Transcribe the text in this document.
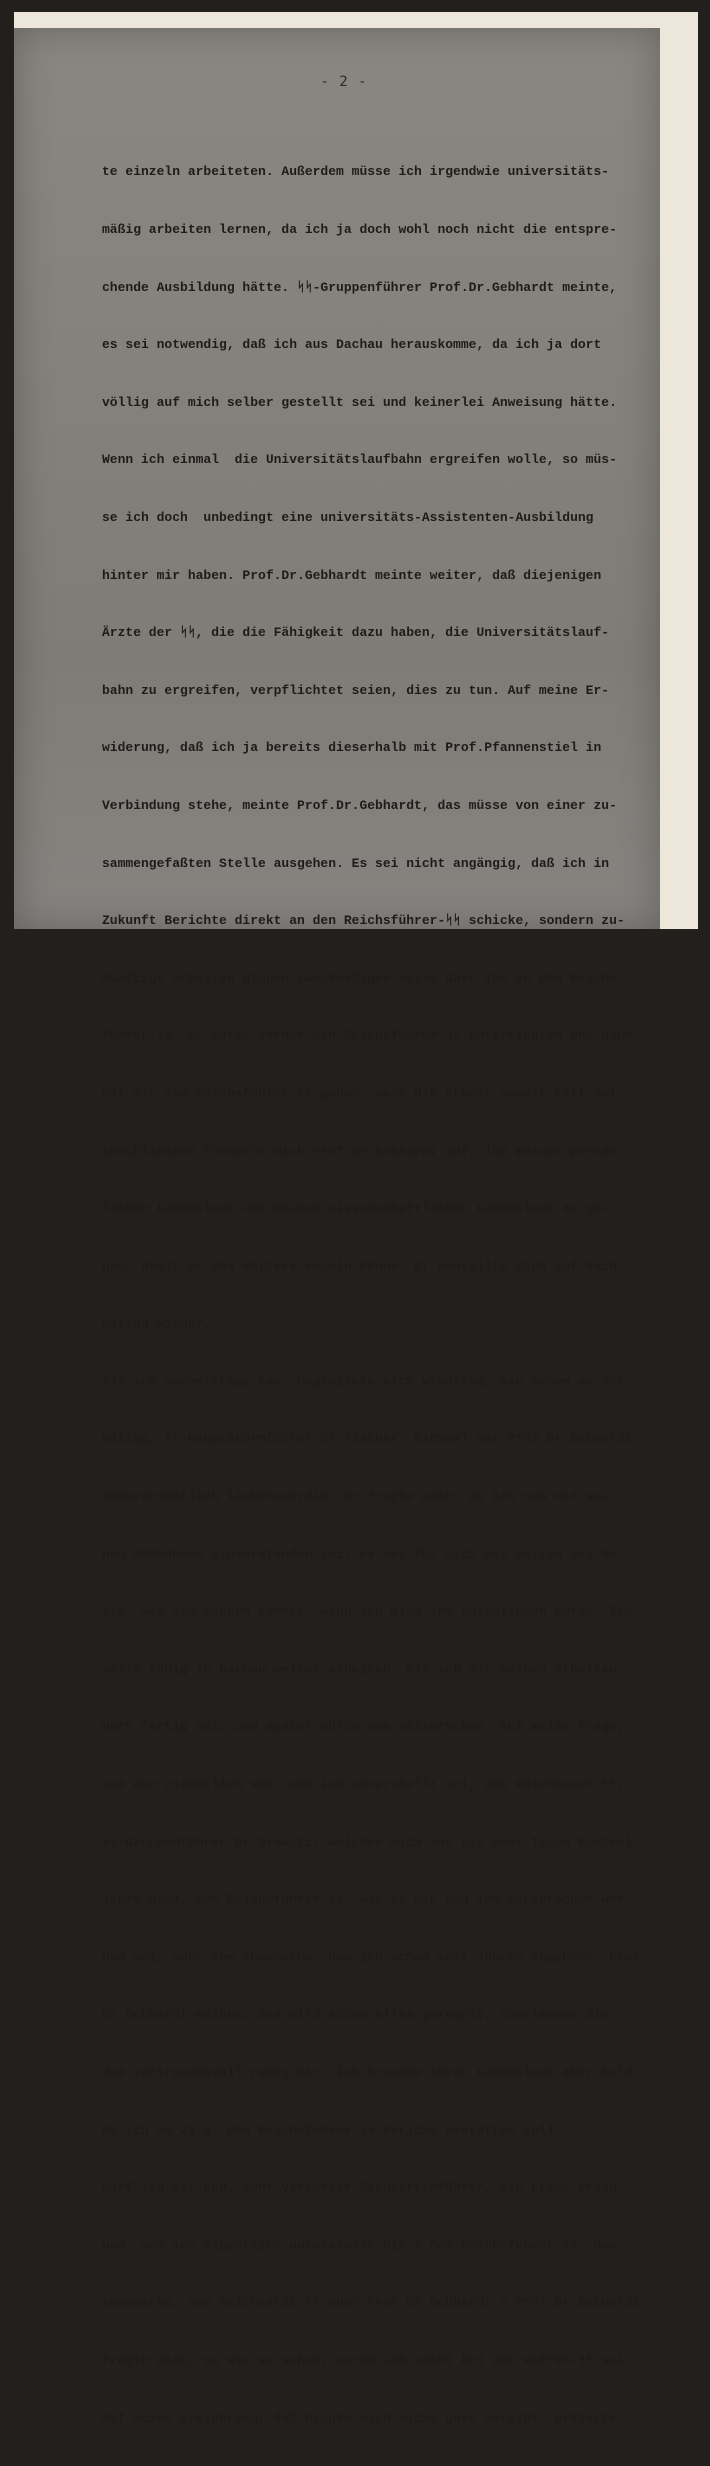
- 2 -

te einzeln arbeiteten. Außerdem müsse ich irgendwie universitäts-

mäßig arbeiten lernen, da ich ja doch wohl noch nicht die entspre-

chende Ausbildung hätte. ᛋᛋ-Gruppenführer Prof.Dr.Gebhardt meinte,

es sei notwendig, daß ich aus Dachau herauskomme, da ich ja dort

völlig auf mich selber gestellt sei und keinerlei Anweisung hätte.

Wenn ich einmal  die Universitätslaufbahn ergreifen wolle, so müs-

se ich doch  unbedingt eine universitäts-Assistenten-Ausbildung

hinter mir haben. Prof.Dr.Gebhardt meinte weiter, daß diejenigen

Ärzte der ᛋᛋ, die die Fähigkeit dazu haben, die Universitätslauf-

bahn zu ergreifen, verpflichtet seien, dies zu tun. Auf meine Er-

widerung, daß ich ja bereits dieserhalb mit Prof.Pfannenstiel in

Verbindung stehe, meinte Prof.Dr.Gebhardt, das müsse von einer zu-

sammengefaßten Stelle ausgehen. Es sei nicht angängig, daß ich in

Zukunft Berichte direkt an den Reichsführer-ᛋᛋ schicke, sondern zu-

künftige Arbeiten gingen zweckmäßiger Weise über ihn an den Reichs-

führer-ᛋᛋ. Er würde vorher den Reichsführer-ᛋᛋ unterrichten und dann

mit mir zum Reichsführer-ᛋᛋ gehen, wenn die Arbeit soweit reif sei.

Abschließend forderte mich Prof.Dr.Gebhardt auf, ihm meinen persön-

lichen Lebenslauf und meinen wissenschaftlichen Lebenslauf zu ge-

gen, damit er das Weitere regeln könne. Er bestellte mich auf Nach-

mittag wieder.

Als ich nachmittags kam, begleitete mich wiederum, wie schon am Vor-

mittag, ᛋᛋ-Hauptsturmführer Dr.Fischer. Diesmal war Prof.Dr.Gebhardt

außerordentlich liebenswürdig. Er fragte mich, ob ich nun mit sei-

nen Maßnahmen einverstanden sei; es sei für mich bei weitem das Be-

ste, was ich machen könnte, wenn ich mich ihm anschließen würde. Ich

solle ruhig in Dachau weiter arbeiten, bis ich mit meinen Arbeiten

dort fertig sei, und später würde man weitersehen. Auf meine Frage,

was nun eigentlich sei, wem ich unterstellt sei, dem Reichsarzt-ᛋᛋ,

ᛋᛋ-Gruppenführer Dr.Grawitz, welcher mich vor ein paar Tagen kontrol-

liert habe, dem Reichsführer-ᛋᛋ, wie es mir von ihm versprochen wor-

den sei, oder dem Ahnenerbe, dem ich schon seit Jahren angehöre. Prof

Dr.Gebhardt meinte, das wird schon alles geregelt, überlassen Sie

das vertrauensvoll ruhig mir. Ich brauche Ihren Lebenslauf aber bald

da ich am 23.5. dem Reichsführer-ᛋᛋ Bericht erstatten soll.

Darf ich mir nun, sehr verehrter Standartenführer, die Frage erlau-

ben, wem ich eigentlich unterstellt bin ? Dem Reichsführer-ᛋᛋ, dem

Ahnenerbe, dem Reichsarzt-ᛋᛋ oder Prof.Dr.Gebhardt ? Prof.Dr.Gebhardt

fragte mich, so wie so schon, warum ich nicht bei der Waffen-ᛋᛋ sei.

Auf meine Erwiderung, daß Hippke mich nicht gern hergibt, erklärte
